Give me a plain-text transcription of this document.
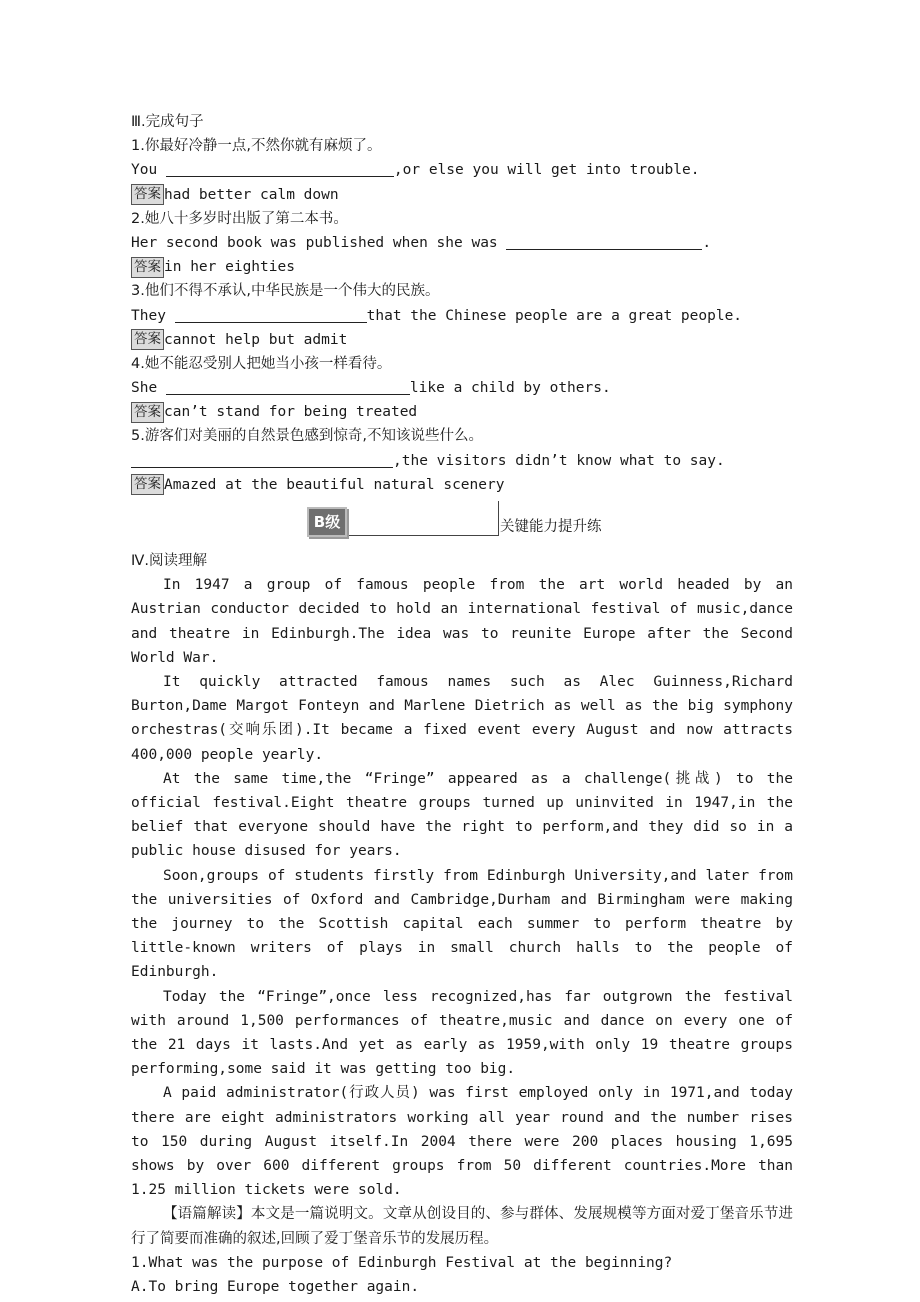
Ⅲ.完成句子
1.你最好冷静一点,不然你就有麻烦了。
You	,or else you will get into trouble.
答案 had better calm down
2.她八十多岁时出版了第二本书。
Her second book was published when she was	.
答案 in her eighties
3.他们不得不承认,中华民族是一个伟大的民族。
They	that the Chinese people are a great people.
答案 cannot help but admit
4.她不能忍受别人把她当小孩一样看待。
She	like a child by others.
答案 can’t stand for being treated
5.游客们对美丽的自然景色感到惊奇,不知该说些什么。
,the visitors didn’t know what to say.
答案 Amazed at the beautiful natural scenery
B级	关键能力提升练
Ⅳ.阅读理解
In 1947 a group of famous people from the art world headed by an Austrian conductor decided to hold an international festival of music,dance and theatre in Edinburgh.The idea was to reunite Europe after the Second World War.
It quickly attracted famous names such as Alec Guinness,Richard Burton,Dame Margot Fonteyn and Marlene Dietrich as well as the big symphony orchestras(交响乐团).It became a fixed event every August and now attracts 400,000 people yearly.
At the same time,the “Fringe” appeared as a challenge(挑战) to the official festival.Eight theatre groups turned up uninvited in 1947,in the belief that everyone should have the right to perform,and they did so in a public house disused for years.
Soon,groups of students firstly from Edinburgh University,and later from the universities of Oxford and Cambridge,Durham and Birmingham were making the journey to the Scottish capital each summer to perform theatre by little-known writers of plays in small church halls to the people of Edinburgh.
Today the “Fringe”,once less recognized,has far outgrown the festival with around 1,500 performances of theatre,music and dance on every one of the 21 days it lasts.And yet as early as 1959,with only 19 theatre groups performing,some said it was getting too big.
A paid administrator(行政人员) was first employed only in 1971,and today there are eight administrators working all year round and the number rises to 150 during August itself.In 2004 there were 200 places housing 1,695 shows by over 600 different groups from 50 different countries.More than 1.25 million tickets were sold.
【语篇解读】本文是一篇说明文。文章从创设目的、参与群体、发展规模等方面对爱丁堡音乐节进行了简要而准确的叙述,回顾了爱丁堡音乐节的发展历程。
1.What was the purpose of Edinburgh Festival at the beginning?
A.To bring Europe together again.
